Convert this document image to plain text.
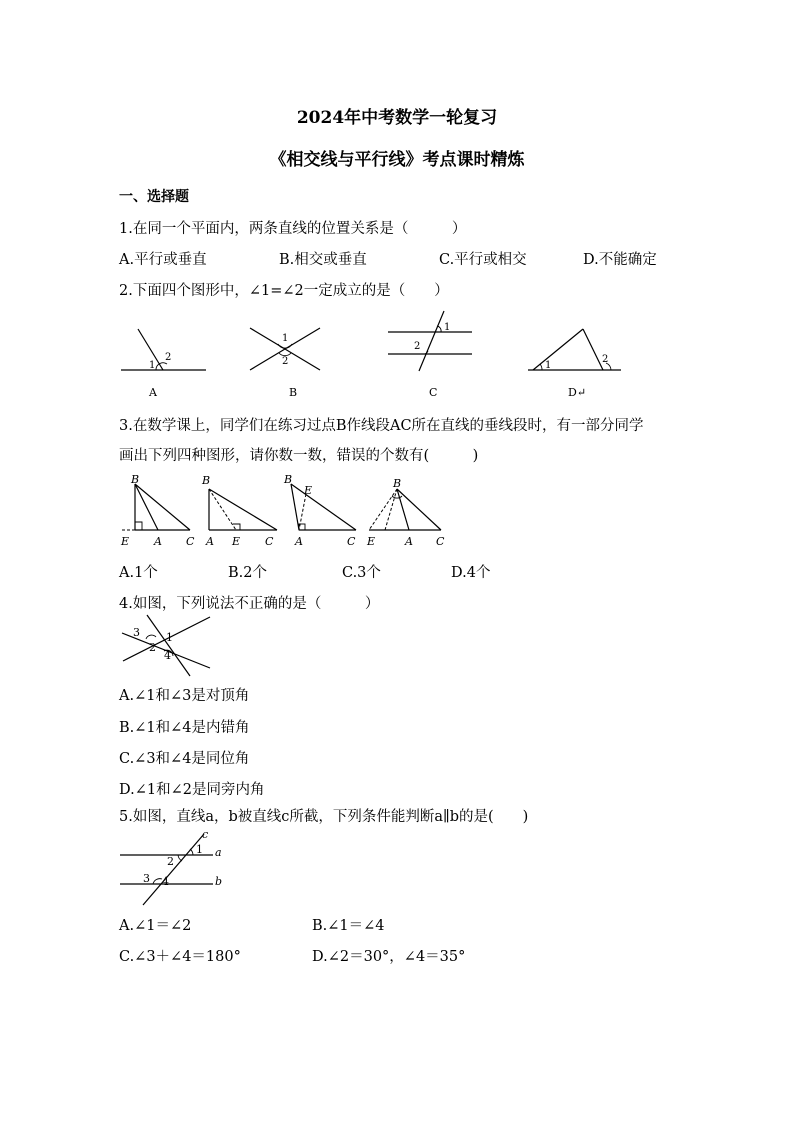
2024年中考数学一轮复习
《相交线与平行线》考点课时精炼
一、选择题
1.在同一个平面内，两条直线的位置关系是（　　　）
A.平行或垂直	B.相交或垂直	C.平行或相交	D.不能确定
2.下面四个图形中，∠1=∠2一定成立的是（　　）
1
2
A
1
2
B
1
2
C
1
2
D↵
3.在数学课上，同学们在练习过点B作线段AC所在直线的垂线段时，有一部分同学
画出下列四种图形，请你数一数，错误的个数有(　　　)
B
E A C
B
A E C
B
E
A	C
B
E	A C
A.1个	B.2个	C.3个	D.4个
4.如图，下列说法不正确的是（　　　）
3 1
2
4
A.∠1和∠3是对顶角
B.∠1和∠4是内错角
C.∠3和∠4是同位角
D.∠1和∠2是同旁内角
5.如图，直线a，b被直线c所截，下列条件能判断a∥b的是(　　)
c
1
2
a
3 4	b
A.∠1＝∠2	B.∠1＝∠4
C.∠3＋∠4＝180°	D.∠2＝30°，∠4＝35°
